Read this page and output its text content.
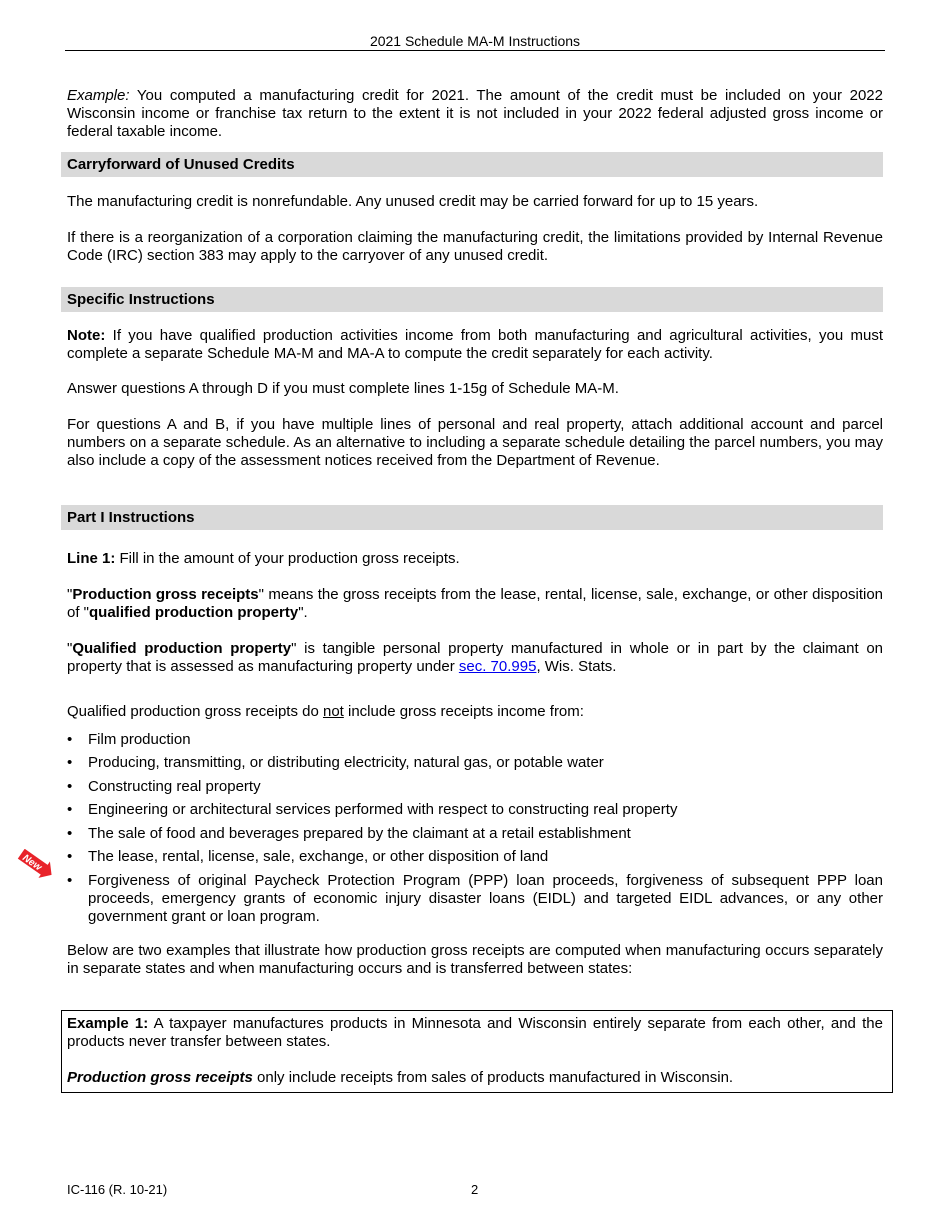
2021 Schedule MA-M Instructions

Example: You computed a manufacturing credit for 2021. The amount of the credit must be included on your 2022 Wisconsin income or franchise tax return to the extent it is not included in your 2022 federal adjusted gross income or federal taxable income.

Carryforward of Unused Credits

The manufacturing credit is nonrefundable. Any unused credit may be carried forward for up to 15 years.

If there is a reorganization of a corporation claiming the manufacturing credit, the limitations provided by Internal Revenue Code (IRC) section 383 may apply to the carryover of any unused credit.

Specific Instructions

Note: If you have qualified production activities income from both manufacturing and agricultural activities, you must complete a separate Schedule MA-M and MA-A to compute the credit separately for each activity.

Answer questions A through D if you must complete lines 1-15g of Schedule MA-M.

For questions A and B, if you have multiple lines of personal and real property, attach additional account and parcel numbers on a separate schedule. As an alternative to including a separate schedule detailing the parcel numbers, you may also include a copy of the assessment notices received from the Department of Revenue.

Part I Instructions

Line 1: Fill in the amount of your production gross receipts.

"Production gross receipts" means the gross receipts from the lease, rental, license, sale, exchange, or other disposition of "qualified production property".

"Qualified production property" is tangible personal property manufactured in whole or in part by the claimant on property that is assessed as manufacturing property under sec. 70.995, Wis. Stats.

Qualified production gross receipts do not include gross receipts income from:

• Film production
• Producing, transmitting, or distributing electricity, natural gas, or potable water
• Constructing real property
• Engineering or architectural services performed with respect to constructing real property
• The sale of food and beverages prepared by the claimant at a retail establishment
• The lease, rental, license, sale, exchange, or other disposition of land
• Forgiveness of original Paycheck Protection Program (PPP) loan proceeds, forgiveness of subsequent PPP loan proceeds, emergency grants of economic injury disaster loans (EIDL) and targeted EIDL advances, or any other government grant or loan program.
New

Below are two examples that illustrate how production gross receipts are computed when manufacturing occurs separately in separate states and when manufacturing occurs and is transferred between states:

Example 1: A taxpayer manufactures products in Minnesota and Wisconsin entirely separate from each other, and the products never transfer between states.

Production gross receipts only include receipts from sales of products manufactured in Wisconsin.

IC-116 (R. 10-21)	2
